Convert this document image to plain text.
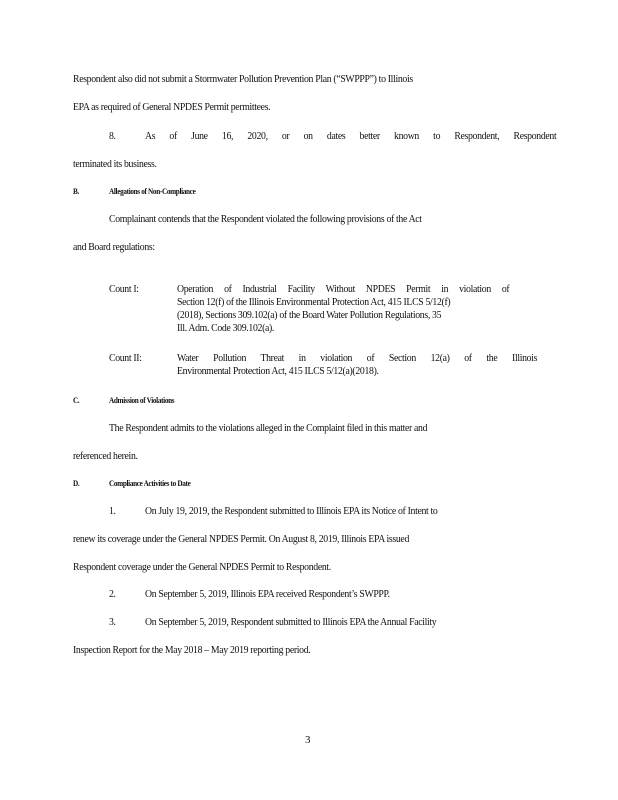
Respondent also did not submit a Stormwater Pollution Prevention Plan (“SWPPP”) to Illinois
EPA as required of General NPDES Permit permittees.
8.	As of June 16, 2020, or on dates better known to Respondent, Respondent
terminated its business.
B.	Allegations of Non-Compliance
Complainant contends that the Respondent violated the following provisions of the Act
and Board regulations:
Count I:	Operation of Industrial Facility Without NPDES Permit in violation of
Section 12(f) of the Illinois Environmental Protection Act, 415 ILCS 5/12(f)
(2018), Sections 309.102(a) of the Board Water Pollution Regulations, 35
Ill. Adm. Code 309.102(a).
Count II:	Water Pollution Threat in violation of Section 12(a) of the Illinois
Environmental Protection Act, 415 ILCS 5/12(a)(2018).
C.	Admission of Violations
The Respondent admits to the violations alleged in the Complaint filed in this matter and
referenced herein.
D.	Compliance Activities to Date
1.	On July 19, 2019, the Respondent submitted to Illinois EPA its Notice of Intent to
renew its coverage under the General NPDES Permit. On August 8, 2019, Illinois EPA issued
Respondent coverage under the General NPDES Permit to Respondent.
2.	On September 5, 2019, Illinois EPA received Respondent’s SWPPP.
3.	On September 5, 2019, Respondent submitted to Illinois EPA the Annual Facility
Inspection Report for the May 2018 – May 2019 reporting period.
3
